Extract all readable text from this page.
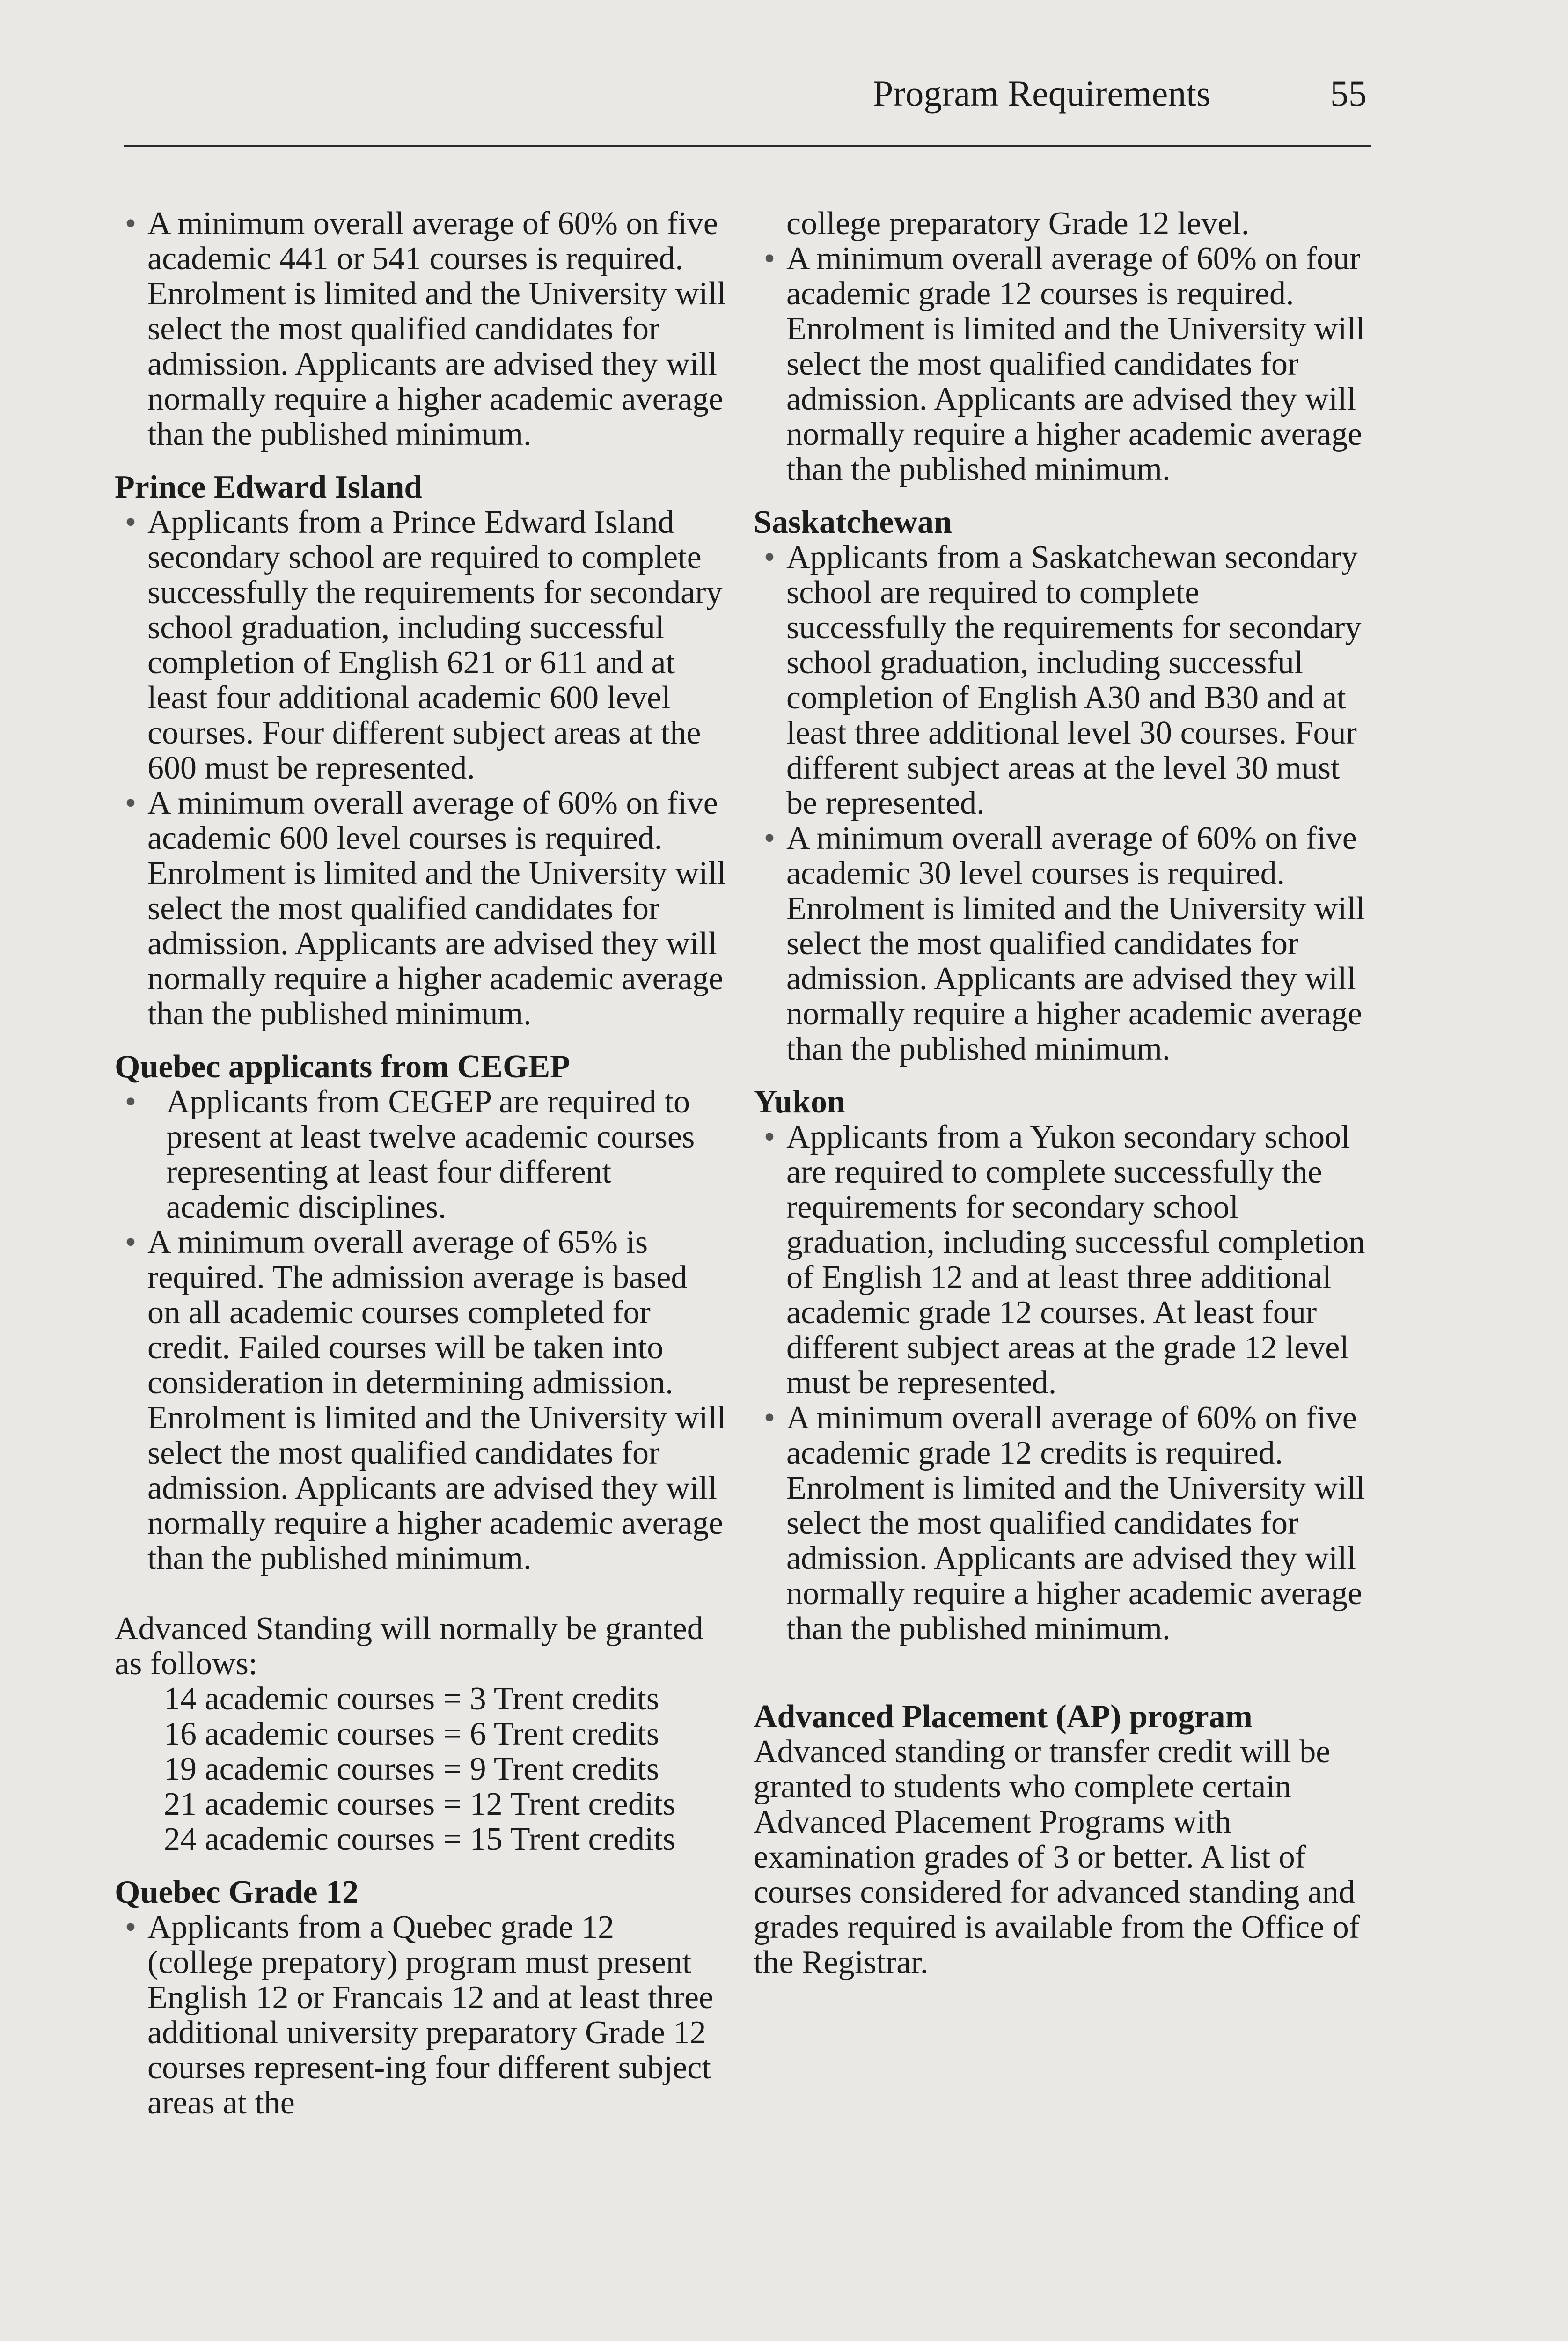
Program Requirements	55

• A minimum overall average of 60% on five academic 441 or 541 courses is required. Enrolment is limited and the University will select the most qualified candidates for admission. Applicants are advised they will normally require a higher academic average than the published minimum.

Prince Edward Island

• Applicants from a Prince Edward Island secondary school are required to complete successfully the requirements for secondary school graduation, including successful completion of English 621 or 611 and at least four additional academic 600 level courses. Four different subject areas at the 600 must be represented.

• A minimum overall average of 60% on five academic 600 level courses is required. Enrolment is limited and the University will select the most qualified candidates for admission. Applicants are advised they will normally require a higher academic average than the published minimum.

Quebec applicants from CEGEP

• Applicants from CEGEP are required to present at least twelve academic courses representing at least four different academic disciplines.

• A minimum overall average of 65% is required. The admission average is based on all academic courses completed for credit. Failed courses will be taken into consideration in determining admission. Enrolment is limited and the University will select the most qualified candidates for admission. Applicants are advised they will normally require a higher academic average than the published minimum.

Advanced Standing will normally be granted as follows:

14 academic courses = 3 Trent credits
16 academic courses = 6 Trent credits
19 academic courses = 9 Trent credits
21 academic courses = 12 Trent credits
24 academic courses = 15 Trent credits
Quebec Grade 12

• Applicants from a Quebec grade 12 (college prepatory) program must present English 12 or Francais 12 and at least three additional university preparatory Grade 12 courses represent-ing four different subject areas at the

college preparatory Grade 12 level.

• A minimum overall average of 60% on four academic grade 12 courses is required. Enrolment is limited and the University will select the most qualified candidates for admission. Applicants are advised they will normally require a higher academic average than the published minimum.

Saskatchewan

• Applicants from a Saskatchewan secondary school are required to complete successfully the requirements for secondary school graduation, including successful completion of English A30 and B30 and at least three additional level 30 courses. Four different subject areas at the level 30 must be represented.

• A minimum overall average of 60% on five academic 30 level courses is required. Enrolment is limited and the University will select the most qualified candidates for admission. Applicants are advised they will normally require a higher academic average than the published minimum.

Yukon

• Applicants from a Yukon secondary school are required to complete successfully the requirements for secondary school graduation, including successful completion of English 12 and at least three additional academic grade 12 courses. At least four different subject areas at the grade 12 level must be represented.

• A minimum overall average of 60% on five academic grade 12 credits is required. Enrolment is limited and the University will select the most qualified candidates for admission. Applicants are advised they will normally require a higher academic average than the published minimum.

Advanced Placement (AP) program

Advanced standing or transfer credit will be granted to students who complete certain Advanced Placement Programs with examination grades of 3 or better. A list of courses considered for advanced standing and grades required is available from the Office of the Registrar.
